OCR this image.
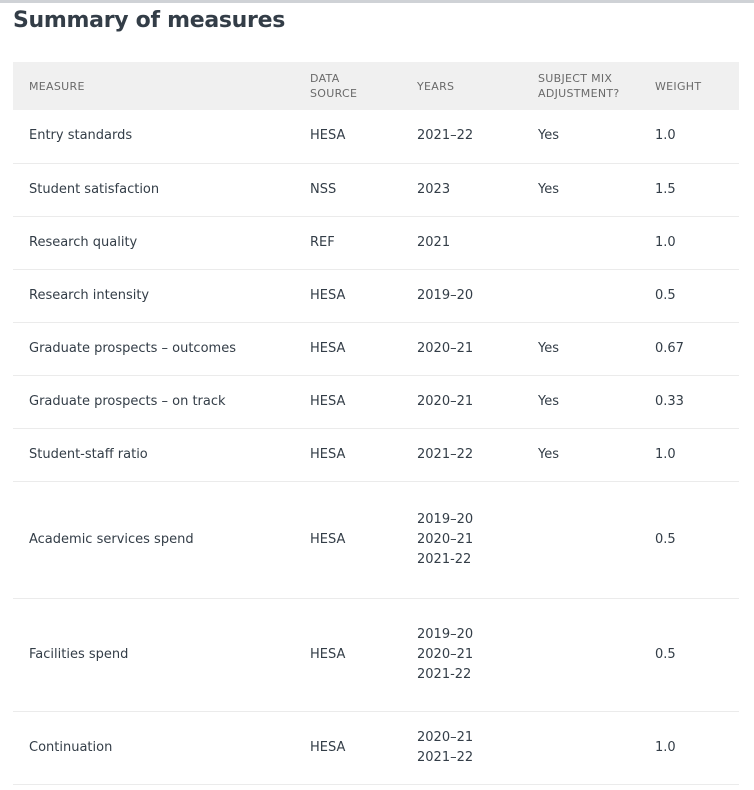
Summary of measures
MEASURE	DATA
SOURCE	YEARS	SUBJECT MIX
ADJUSTMENT?	WEIGHT
Entry standards	HESA	2021–22	Yes	1.0
Student satisfaction	NSS	2023	Yes	1.5
Research quality	REF	2021		1.0
Research intensity	HESA	2019–20		0.5
Graduate prospects – outcomes	HESA	2020–21	Yes	0.67
Graduate prospects – on track	HESA	2020–21	Yes	0.33
Student-staff ratio	HESA	2021–22	Yes	1.0
Academic services spend	HESA	2019–20
2020–21
2021-22		0.5
Facilities spend	HESA	2019–20
2020–21
2021-22		0.5
Continuation	HESA	2020–21
2021–22		1.0
